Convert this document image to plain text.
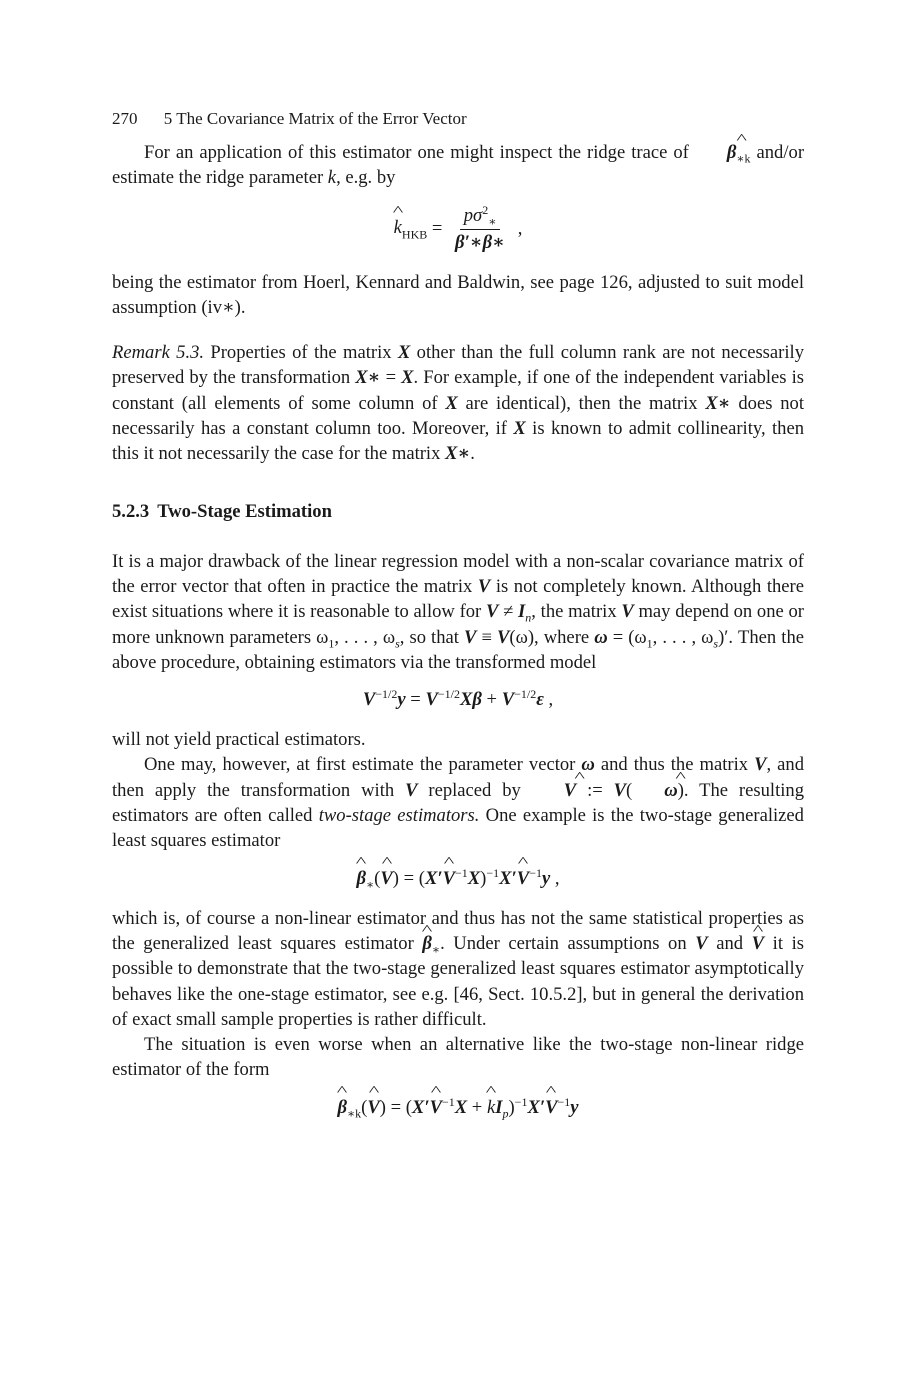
270 5 The Covariance Matrix of the Error Vector

For an application of this estimator one might inspect the ridge trace of ^ $\beta_{∗k}$ and/or estimate the ridge parameter k, e.g. by

^ $k_{HKB} = \frac{p\sigma^2_∗}{\beta'∗\beta∗}$ ,

being the estimator from Hoerl, Kennard and Baldwin, see page 126, adjusted to suit model assumption (iv∗).

Remark 5.3. Properties of the matrix X other than the full column rank are not necessarily preserved by the transformation X∗ = X. For example, if one of the independent variables is constant (all elements of some column of X are identical), then the matrix X∗ does not necessarily has a constant column too. Moreover, if X is known to admit collinearity, then this it not necessarily the case for the matrix X∗.

5.2.3 Two-Stage Estimation

It is a major drawback of the linear regression model with a non-scalar covariance matrix of the error vector that often in practice the matrix V is not completely known. Although there exist situations where it is reasonable to allow for $V \ne I_n$, the matrix V may depend on one or more unknown parameters $\omega_1$, . . . , $\omega_s$, so that V ≡ V(ω), where $\omega = (\omega_1$, . . . , $\omega_s)'$. Then the above procedure, obtaining estimators via the transformed model

$V^{-1/2}y = V^{-1/2}X\beta + V^{-1/2}\varepsilon$ ,

will not yield practical estimators.

One may, however, at first estimate the parameter vector ω and thus the matrix V, and then apply the transformation with V replaced by ^ V := V( ^ ω). The resulting estimators are often called two-stage estimators. One example is the two-stage generalized least squares estimator

^ $\beta_∗(\^{}$ V) = (X′^ $V^{-1}X)^{-1}X'\^{}$ $V^{-1}y$ ,

which is, of course a non-linear estimator and thus has not the same statistical properties as the generalized least squares estimator ^ $\beta_∗$. Under certain assumptions on V and ^ V it is possible to demonstrate that the two-stage generalized least squares estimator asymptotically behaves like the one-stage estimator, see e.g. [46, Sect. 10.5.2], but in general the derivation of exact small sample properties is rather difficult.

The situation is even worse when an alternative like the two-stage non-linear ridge estimator of the form

^ $\beta_{∗k}(\^{}$ V) = (X′^ $V^{-1}X$ + ^ $kI_p)^{-1}X'\^{}$ $V^{-1}y$
